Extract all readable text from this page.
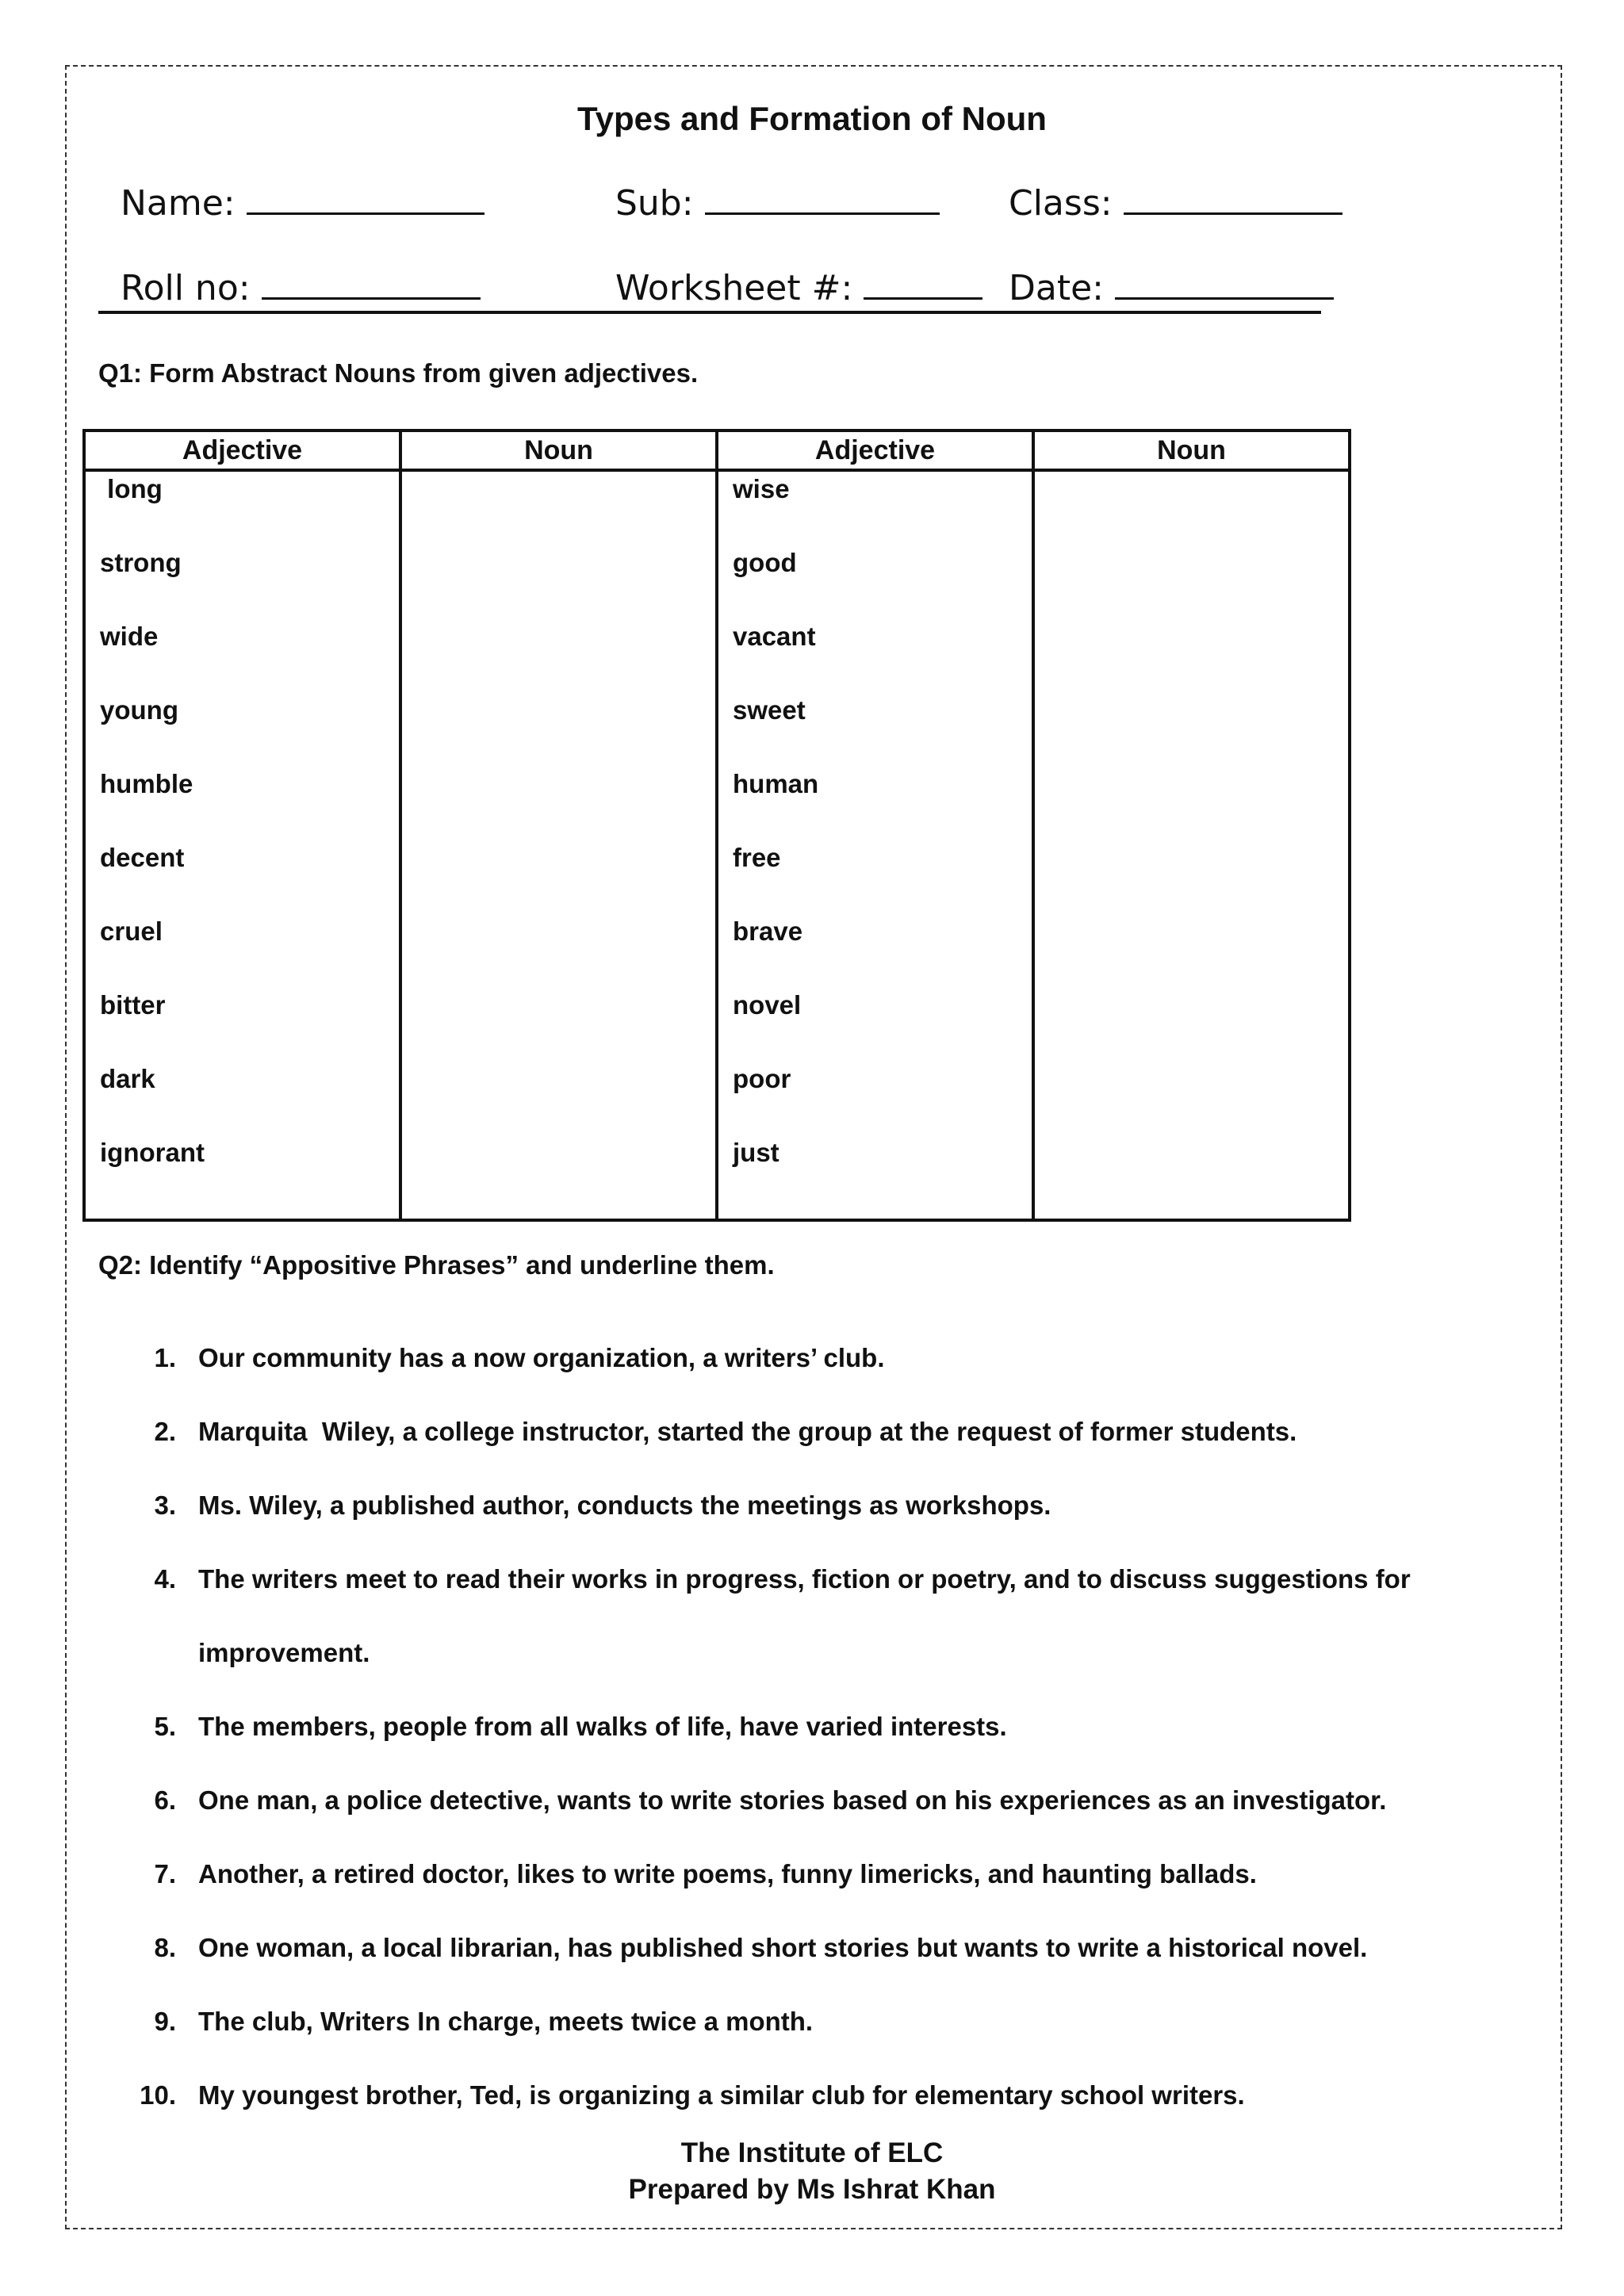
Types and Formation of Noun

Name:	Sub:	Class:

Roll no:	Worksheet #:	Date:

Q1: Form Abstract Nouns from given adjectives.
Adjective	Noun	Adjective	Noun
long		wise	
strong		good	
wide		vacant	
young		sweet	
humble		human	
decent		free	
cruel		brave	
bitter		novel	
dark		poor	
ignorant		just	
Q2: Identify “Appositive Phrases” and underline them.
1. Our community has a now organization, a writers’ club.
2. Marquita  Wiley, a college instructor, started the group at the request of former students.
3. Ms. Wiley, a published author, conducts the meetings as workshops.
4. The writers meet to read their works in progress, fiction or poetry, and to discuss suggestions for improvement.
5. The members, people from all walks of life, have varied interests.
6. One man, a police detective, wants to write stories based on his experiences as an investigator.
7. Another, a retired doctor, likes to write poems, funny limericks, and haunting ballads.
8. One woman, a local librarian, has published short stories but wants to write a historical novel.
9. The club, Writers In charge, meets twice a month.
10. My youngest brother, Ted, is organizing a similar club for elementary school writers.
The Institute of ELC
Prepared by Ms Ishrat Khan
